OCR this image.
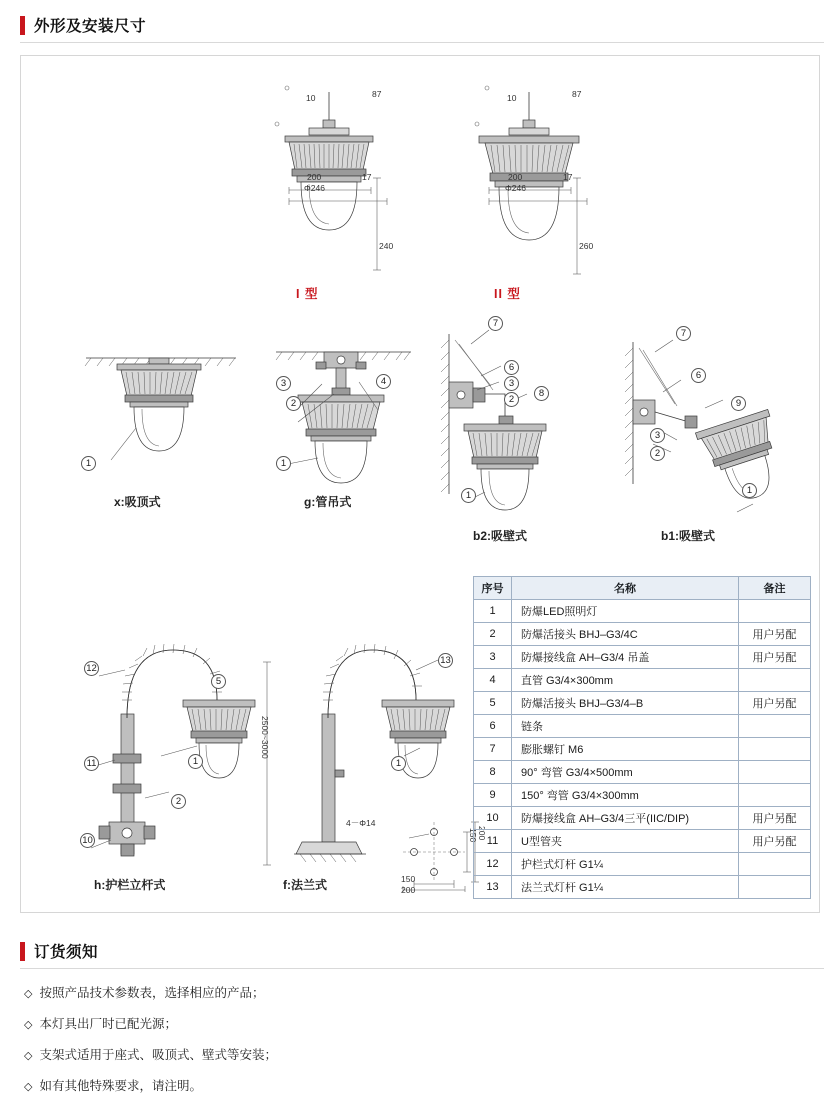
外形及安装尺寸
10	87
200	17
Φ246
240
I 型
10	87
200	17
Φ246
260
II 型
1
x:吸顶式
3
2
4
1
g:管吊式
7
6
3
2
8
1
b2:吸壁式
7
6
9
3
2
1
b1:吸壁式
12
5
11	1
2
10
h:护栏立杆式
13
1
f:法兰式
2500~3000
4－Φ14
150 200
150
200
序号	名称	备注
1	防爆LED照明灯	
2	防爆活接头 BHJ–G3/4C	用户另配
3	防爆接线盒 AH–G3/4 吊盖	用户另配
4	直管 G3/4×300mm	
5	防爆活接头 BHJ–G3/4–B	用户另配
6	链条	
7	膨胀螺钉 M6	
8	90° 弯管 G3/4×500mm	
9	150° 弯管 G3/4×300mm	
10	防爆接线盒 AH–G3/4三平(IIC/DIP)	用户另配
11	U型管夹	用户另配
12	护栏式灯杆 G1¼	
13	法兰式灯杆 G1¼	
订货须知
◇ 按照产品技术参数表，选择相应的产品；
◇ 本灯具出厂时已配光源；
◇ 支架式适用于座式、吸顶式、壁式等安装；
◇ 如有其他特殊要求，请注明。
